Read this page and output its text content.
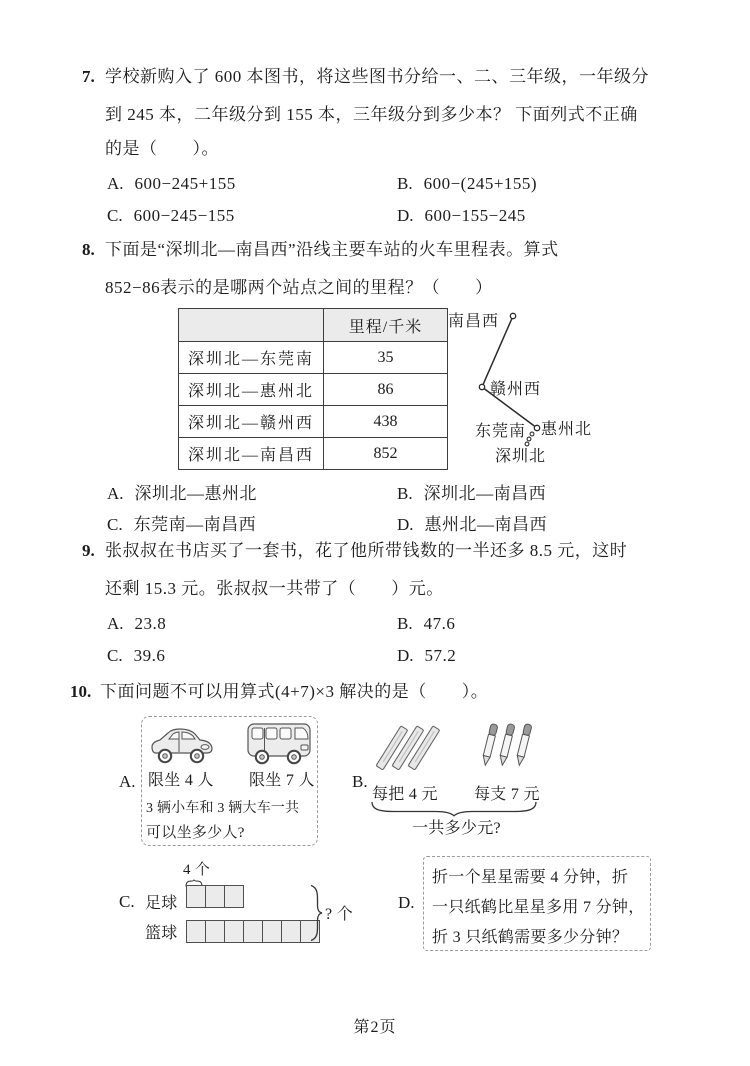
7. 学校新购入了 600 本图书，将这些图书分给一、二、三年级，一年级分
到 245 本，二年级分到 155 本，三年级分到多少本？ 下面列式不正确
的是（　　）。
A. 600−245+155	B. 600−(245+155)
C. 600−245−155	D. 600−155−245
8. 下面是“深圳北—南昌西”沿线主要车站的火车里程表。算式
852−86表示的是哪两个站点之间的里程？（　　）
	里程/千米
深圳北—东莞南	35
深圳北—惠州北	86
深圳北—赣州西	438
深圳北—南昌西	852
南昌西
赣州西
东莞南 惠州北
深圳北
A. 深圳北—惠州北	B. 深圳北—南昌西
C. 东莞南—南昌西	D. 惠州北—南昌西
9. 张叔叔在书店买了一套书，花了他所带钱数的一半还多 8.5 元，这时
还剩 15.3 元。张叔叔一共带了（　　）元。
A. 23.8	B. 47.6
C. 39.6	D. 57.2
10. 下面问题不可以用算式(4+7)×3 解决的是（　　）。
A. 限坐 4 人 限坐 7 人
3 辆小车和 3 辆大车一共
可以坐多少人?
B.
每把 4 元 每支 7 元
一共多少元?
4 个
C. 足球
篮球
? 个
D.
折一个星星需要 4 分钟，折
一只纸鹤比星星多用 7 分钟，
折 3 只纸鹤需要多少分钟？
第2页
